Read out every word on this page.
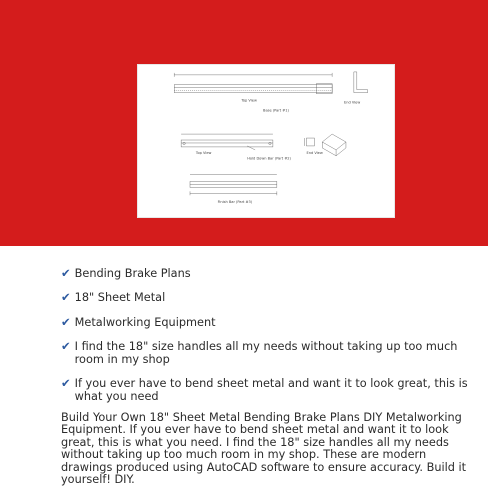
Top View
Base (Part #1)
End View
Top View
Hold Down Bar (Part #2)
End View
Finish Bar (Part #3)
✔ Bending Brake Plans
✔ 18" Sheet Metal
✔ Metalworking Equipment
✔ I find the 18" size handles all my needs without taking up too much room in my shop
✔ If you ever have to bend sheet metal and want it to look great, this is what you need

Build Your Own 18" Sheet Metal Bending Brake Plans DIY Metalworking Equipment. If you ever have to bend sheet metal and want it to look great, this is what you need. I find the 18" size handles all my needs without taking up too much room in my shop. These are modern drawings produced using AutoCAD software to ensure accuracy. Build it yourself! DIY.
